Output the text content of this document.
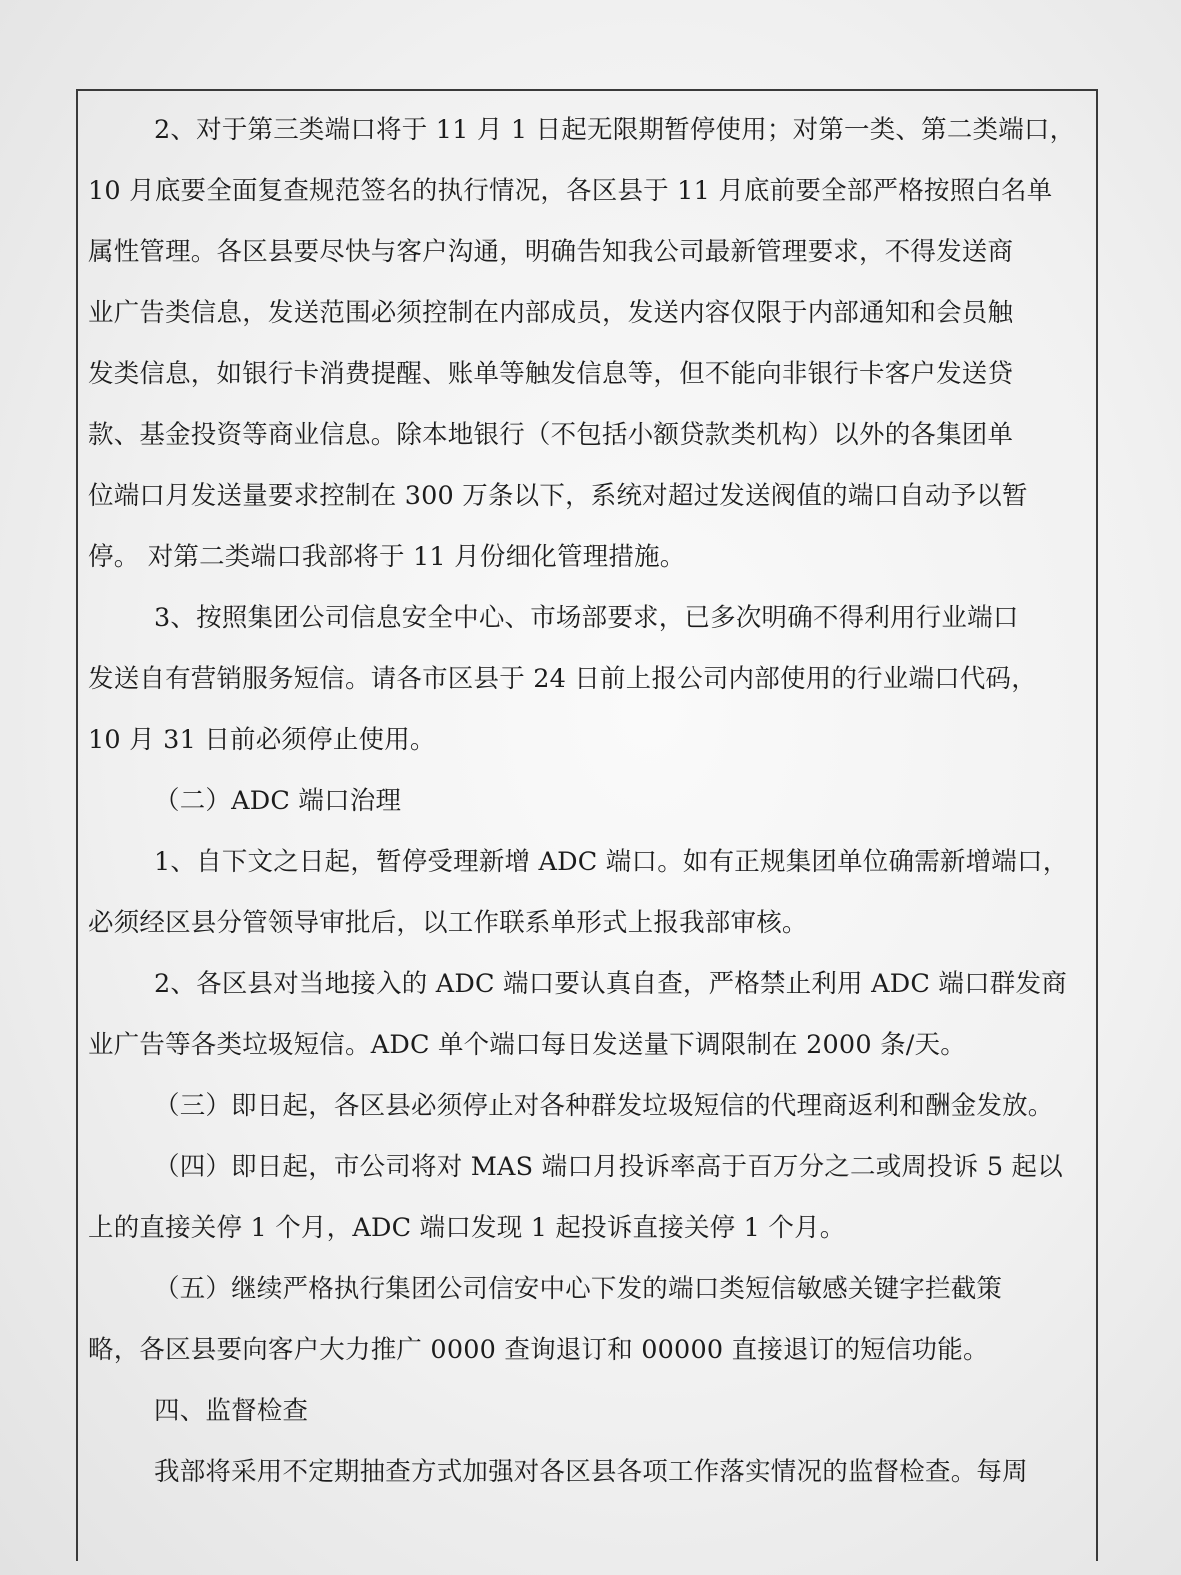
2、对于第三类端口将于 11 月 1 日起无限期暂停使用；对第一类、第二类端口，
10 月底要全面复查规范签名的执行情况，各区县于 11 月底前要全部严格按照白名单
属性管理。各区县要尽快与客户沟通，明确告知我公司最新管理要求，不得发送商
业广告类信息，发送范围必须控制在内部成员，发送内容仅限于内部通知和会员触
发类信息，如银行卡消费提醒、账单等触发信息等，但不能向非银行卡客户发送贷
款、基金投资等商业信息。除本地银行（不包括小额贷款类机构）以外的各集团单
位端口月发送量要求控制在 300 万条以下，系统对超过发送阀值的端口自动予以暂
停。 对第二类端口我部将于 11 月份细化管理措施。

3、按照集团公司信息安全中心、市场部要求，已多次明确不得利用行业端口
发送自有营销服务短信。请各市区县于 24 日前上报公司内部使用的行业端口代码，
10 月 31 日前必须停止使用。

（二）ADC 端口治理

1、自下文之日起，暂停受理新增 ADC 端口。如有正规集团单位确需新增端口，
必须经区县分管领导审批后，以工作联系单形式上报我部审核。

2、各区县对当地接入的 ADC 端口要认真自查，严格禁止利用 ADC 端口群发商
业广告等各类垃圾短信。ADC 单个端口每日发送量下调限制在 2000 条/天。

（三）即日起，各区县必须停止对各种群发垃圾短信的代理商返利和酬金发放。

（四）即日起，市公司将对 MAS 端口月投诉率高于百万分之二或周投诉 5 起以
上的直接关停 1 个月，ADC 端口发现 1 起投诉直接关停 1 个月。

（五）继续严格执行集团公司信安中心下发的端口类短信敏感关键字拦截策
略，各区县要向客户大力推广 0000 查询退订和 00000 直接退订的短信功能。

四、监督检查

我部将采用不定期抽查方式加强对各区县各项工作落实情况的监督检查。每周
